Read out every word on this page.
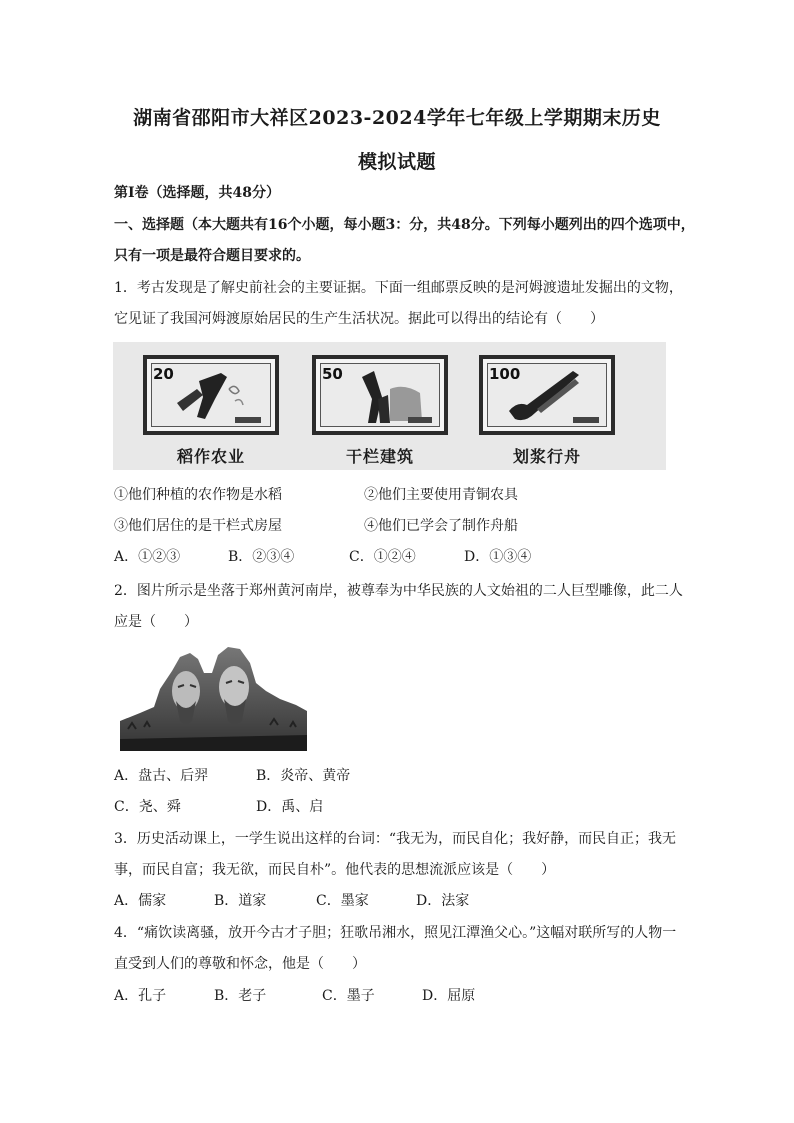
湖南省邵阳市大祥区2023-2024学年七年级上学期期末历史
模拟试题
第Ⅰ卷（选择题，共48分）
一、选择题（本大题共有16个小题，每小题3：分，共48分。下列每小题列出的四个选项中，
只有一项是最符合题目要求的。
1．考古发现是了解史前社会的主要证据。下面一组邮票反映的是河姆渡遗址发掘出的文物，
它见证了我国河姆渡原始居民的生产生活状况。据此可以得出的结论有（　　）
20
稻作农业
50
干栏建筑
100
划浆行舟
①他们种植的农作物是水稻	②他们主要使用青铜农具
③他们居住的是干栏式房屋	④他们已学会了制作舟船
A．①②③	B．②③④	C．①②④	D．①③④
2．图片所示是坐落于郑州黄河南岸，被尊奉为中华民族的人文始祖的二人巨型雕像，此二人
应是（　　）
A．盘古、后羿	B．炎帝、黄帝
C．尧、舜	D．禹、启
3．历史活动课上，一学生说出这样的台词：“我无为，而民自化；我好静，而民自正；我无
事，而民自富；我无欲，而民自朴”。他代表的思想流派应该是（　　）
A．儒家	B．道家	C．墨家	D．法家
4．“痛饮读离骚，放开今古才子胆；狂歌吊湘水，照见江潭渔父心。”这幅对联所写的人物一
直受到人们的尊敬和怀念，他是（　　）
A．孔子	B．老子	C．墨子	D．屈原
